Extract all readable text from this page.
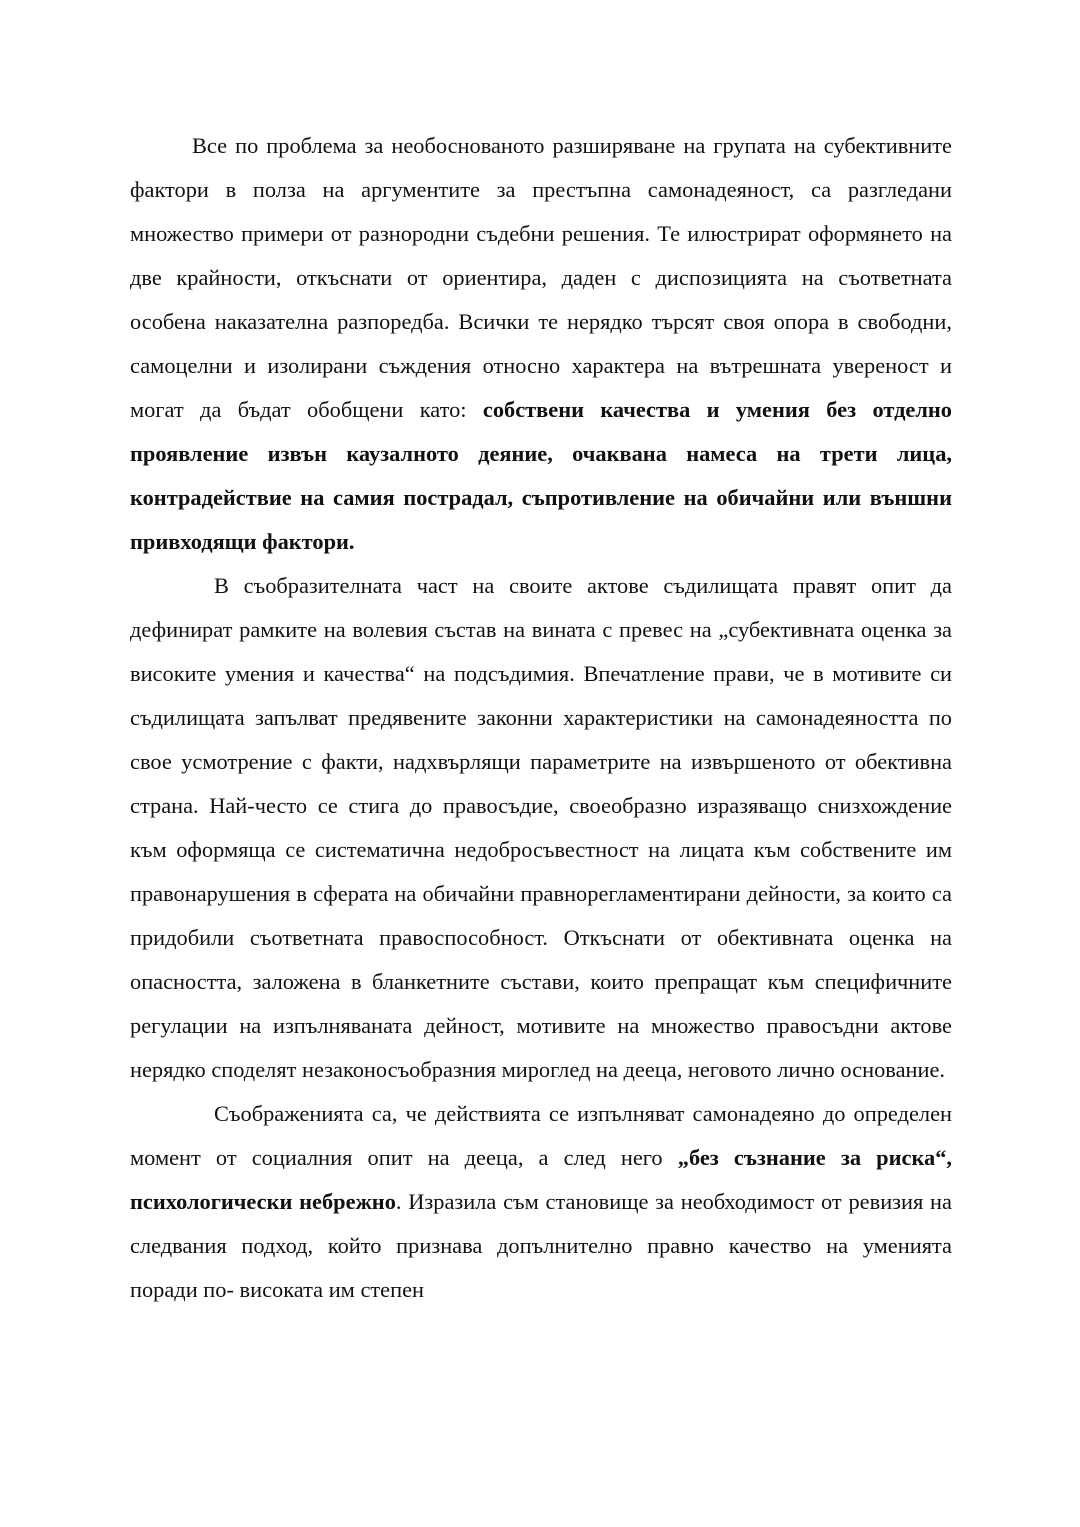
Все по проблема за необоснованото разширяване на групата на субективните фактори в полза на аргументите за престъпна самонадеяност, са разгледани множество примери от разнородни съдебни решения. Те илюстрират оформянето на две крайности, откъснати от ориентира, даден с диспозицията на съответната особена наказателна разпоредба. Всички те нерядко търсят своя опора в свободни, самоцелни и изолирани съждения относно характера на вътрешната увереност и могат да бъдат обобщени като: собствени качества и умения без отделно проявление извън каузалното деяние, очаквана намеса на трети лица, контрадействие на самия пострадал, съпротивление на обичайни или външни привходящи фактори.

В съобразителната част на своите актове съдилищата правят опит да дефинират рамките на волевия състав на вината с превес на „субективната оценка за високите умения и качества“ на подсъдимия. Впечатление прави, че в мотивите си съдилищата запълват предявените законни характеристики на самонадеяността по свое усмотрение с факти, надхвърлящи параметрите на извършеното от обективна страна. Най-често се стига до правосъдие, своеобразно изразяващо снизхождение към оформяща се систематична недобросъвестност на лицата към собствените им правонарушения в сферата на обичайни правнорегламентирани дейности, за които са придобили съответната правоспособност. Откъснати от обективната оценка на опасността, заложена в бланкетните състави, които препращат към специфичните регулации на изпълняваната дейност, мотивите на множество правосъдни актове нерядко споделят незаконосъобразния мироглед на дееца, неговото лично основание.

Съображенията са, че действията се изпълняват самонадеяно до определен момент от социалния опит на дееца, а след него „без съзнание за риска“, психологически небрежно. Изразила съм становище за необходимост от ревизия на следвания подход, който признава допълнително правно качество на уменията поради по- високата им степен
